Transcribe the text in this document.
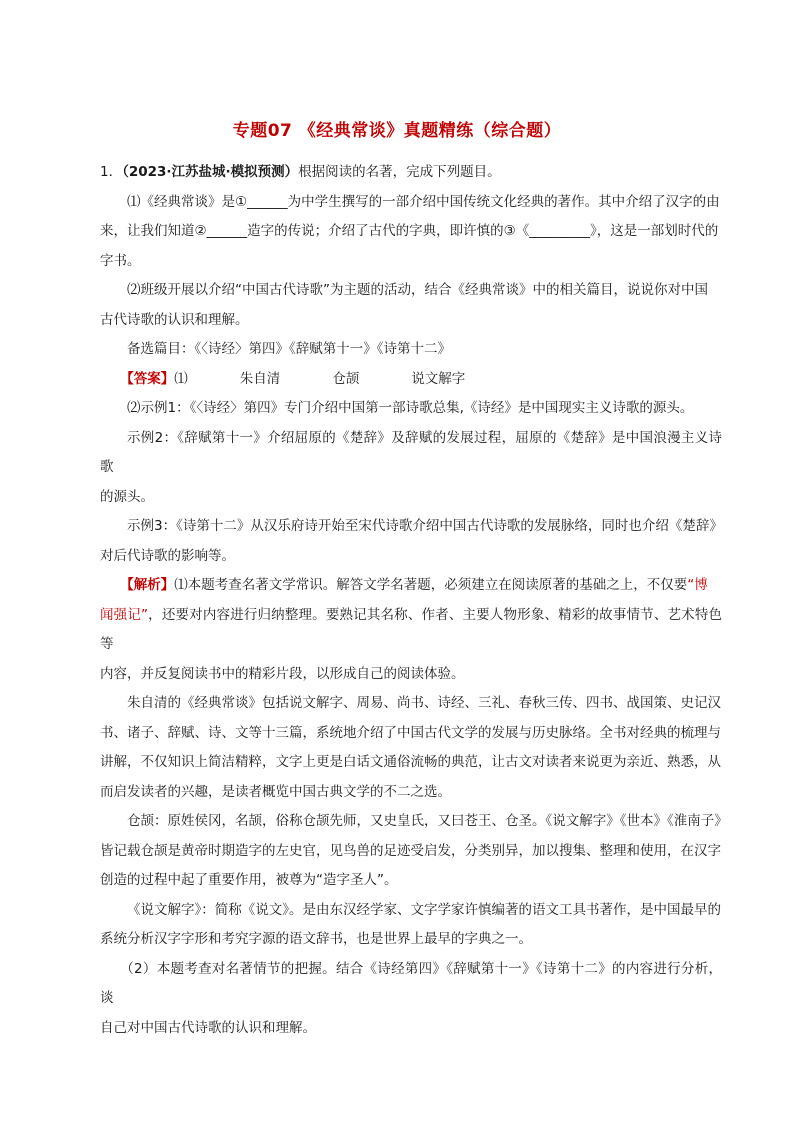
专题07 《经典常谈》真题精练（综合题）

1．（2023·江苏盐城·模拟预测）根据阅读的名著，完成下列题目。

⑴《经典常谈》是①______为中学生撰写的一部介绍中国传统文化经典的著作。其中介绍了汉字的由

来，让我们知道②______造字的传说；介绍了古代的字典，即许慎的③《_________》，这是一部划时代的

字书。

⑵班级开展以介绍“中国古代诗歌”为主题的活动，结合《经典常谈》中的相关篇目，说说你对中国

古代诗歌的认识和理解。

备选篇目：《〈诗经〉第四》《辞赋第十一》《诗第十二》

【答案】⑴	朱自清	仓颉	说文解字

⑵示例1：《〈诗经〉第四》专门介绍中国第一部诗歌总集,《诗经》是中国现实主义诗歌的源头。

示例2：《辞赋第十一》介绍屈原的《楚辞》及辞赋的发展过程，屈原的《楚辞》是中国浪漫主义诗歌

的源头。

示例3：《诗第十二》从汉乐府诗开始至宋代诗歌介绍中国古代诗歌的发展脉络，同时也介绍《楚辞》

对后代诗歌的影响等。

【解析】⑴本题考查名著文学常识。解答文学名著题，必须建立在阅读原著的基础之上，不仅要“博

闻强记”，还要对内容进行归纳整理。要熟记其名称、作者、主要人物形象、精彩的故事情节、艺术特色等

内容，并反复阅读书中的精彩片段，以形成自己的阅读体验。

朱自清的《经典常谈》包括说文解字、周易、尚书、诗经、三礼、春秋三传、四书、战国策、史记汉

书、诸子、辞赋、诗、文等十三篇，系统地介绍了中国古代文学的发展与历史脉络。全书对经典的梳理与

讲解，不仅知识上简洁精粹，文字上更是白话文通俗流畅的典范，让古文对读者来说更为亲近、熟悉，从

而启发读者的兴趣，是读者概览中国古典文学的不二之选。

仓颉：原姓侯冈，名颉，俗称仓颉先师，又史皇氏，又曰苍王、仓圣。《说文解字》《世本》《淮南子》

皆记载仓颉是黄帝时期造字的左史官，见鸟兽的足迹受启发，分类别异，加以搜集、整理和使用，在汉字

创造的过程中起了重要作用，被尊为“造字圣人”。

《说文解字》：简称《说文》。是由东汉经学家、文字学家许慎编著的语文工具书著作，是中国最早的

系统分析汉字字形和考究字源的语文辞书，也是世界上最早的字典之一。

（2）本题考查对名著情节的把握。结合《诗经第四》《辞赋第十一》《诗第十二》的内容进行分析，谈

自己对中国古代诗歌的认识和理解。
